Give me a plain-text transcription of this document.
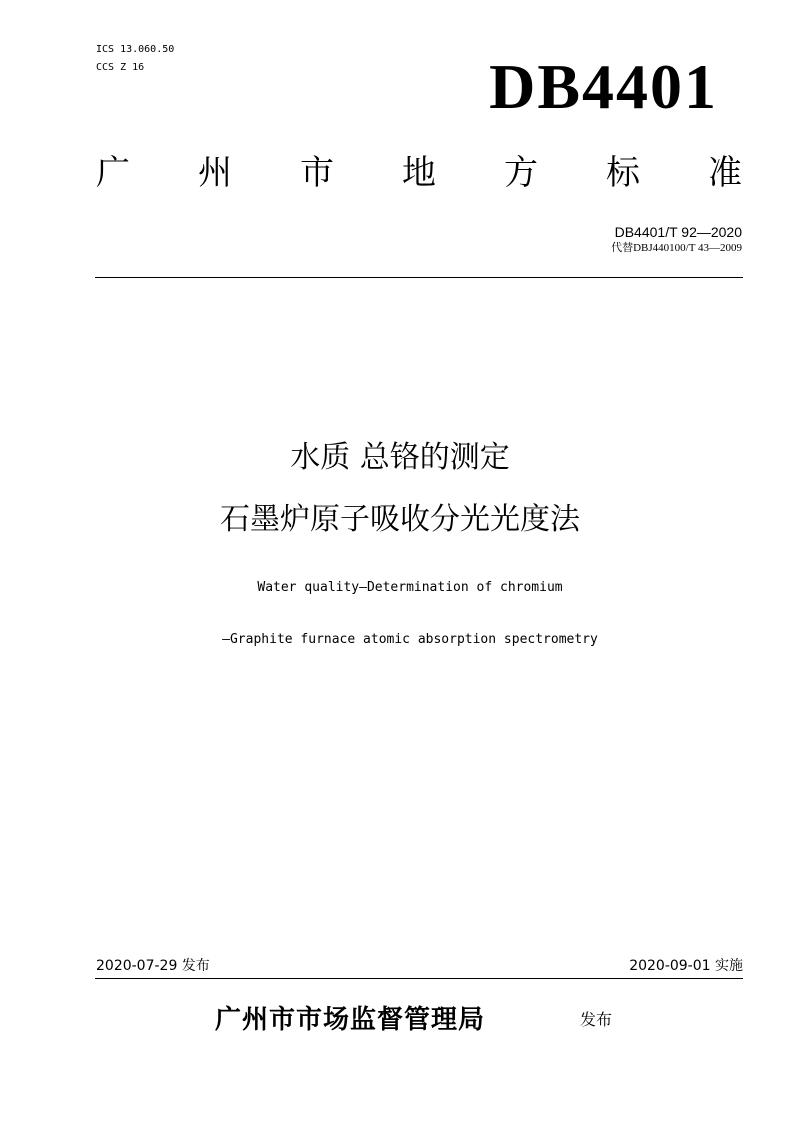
ICS 13.060.50
CCS Z 16	DB4401
广 州 市 地 方 标 准
DB4401/T 92—2020
代替DBJ440100/T 43—2009
水质 总铬的测定
石墨炉原子吸收分光光度法
Water quality—Determination of chromium
—Graphite furnace atomic absorption spectrometry
2020-07-29 发布	2020-09-01 实施
广州市市场监督管理局	发布
